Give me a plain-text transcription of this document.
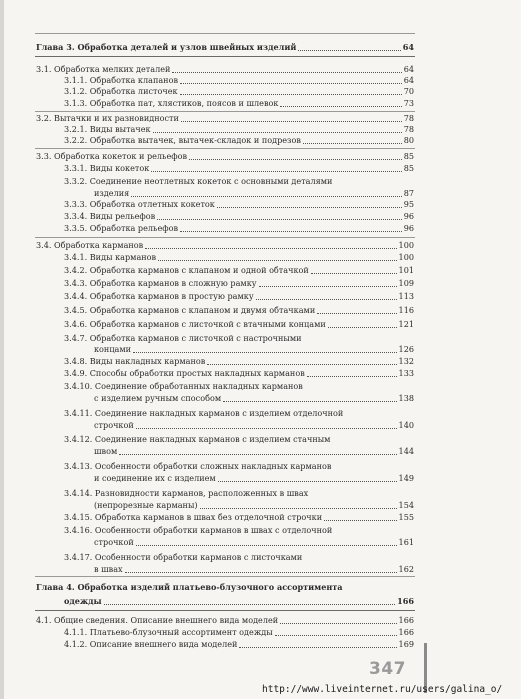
Глава 3. Обработка деталей и узлов швейных изделий	64
3.1. Обработка мелких деталей	64
3.1.1. Обработка клапанов	64
3.1.2. Обработка листочек	70
3.1.3. Обработка пат, хлястиков, поясов и шлевок	73
3.2. Вытачки и их разновидности	78
3.2.1. Виды вытачек	78
3.2.2. Обработка вытачек, вытачек-складок и подрезов	80
3.3. Обработка кокеток и рельефов	85
3.3.1. Виды кокеток	85
3.3.2. Соединение неотлетных кокеток с основными деталями
изделия	87
3.3.3. Обработка отлетных кокеток	95
3.3.4. Виды рельефов	96
3.3.5. Обработка рельефов	96
3.4. Обработка карманов	100
3.4.1. Виды карманов	100
3.4.2. Обработка карманов с клапаном и одной обтачкой	101
3.4.3. Обработка карманов в сложную рамку	109
3.4.4. Обработка карманов в простую рамку	113
3.4.5. Обработка карманов с клапаном и двумя обтачками	116
3.4.6. Обработка карманов с листочкой с втачными концами	121
3.4.7. Обработка карманов с листочкой с настрочными
концами	126
3.4.8. Виды накладных карманов	132
3.4.9. Способы обработки простых накладных карманов	133
3.4.10. Соединение обработанных накладных карманов
с изделием ручным способом	138
3.4.11. Соединение накладных карманов с изделием отделочной
строчкой	140
3.4.12. Соединение накладных карманов с изделием стачным
швом	144
3.4.13. Особенности обработки сложных накладных карманов
и соединение их с изделием	149
3.4.14. Разновидности карманов, расположенных в швах
(непрорезные карманы)	154
3.4.15. Обработка карманов в швах без отделочной строчки	155
3.4.16. Особенности обработки карманов в швах с отделочной
строчкой	161
3.4.17. Особенности обработки карманов с листочками
в швах	162
Глава 4. Обработка изделий платьево-блузочного ассортимента
одежды	166
4.1. Общие сведения. Описание внешнего вида моделей	166
4.1.1. Платьево-блузочный ассортимент одежды	166
4.1.2. Описание внешнего вида моделей	169
347
http://www.liveinternet.ru/users/galina_o/
